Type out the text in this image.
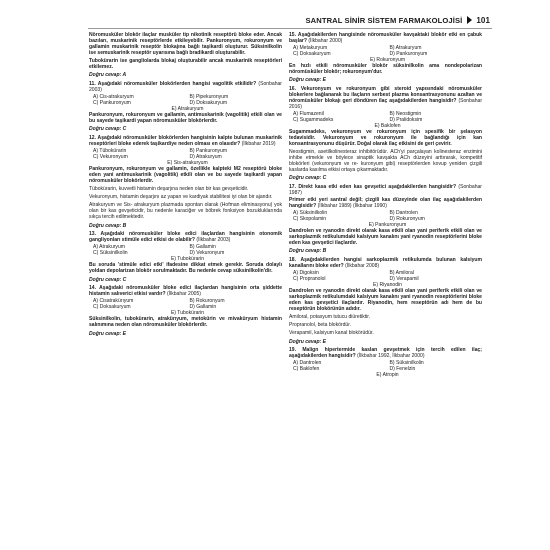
SANTRAL SİNİR SİSTEM FARMAKOLOJİSİ 101

Nöromusküler blokör ilaçlar musküler tip nikotinik reseptörü bloke eder. Ancak bazıları, muskarinik reseptörlerde etkileyebilir. Pankuronyum, rokuronyum ve gallamin muskarinik reseptör blokajına bağlı taşikardi oluşturur. Süksinilkolin ise semuskarinik reseptör uyarısına bağlı bradikardi oluşturabilir.

Tubokürarin ise gangliolarda blokaj oluşturabilir ancak muskarinik reseptörleri etkilemez.

Doğru cevap: A

11. Aşağıdaki nöromusküler blokörlerden hangisi vagolitik etkilidir? (Sonbahar 2003)

A) Cis-atrakuryum	B) Pipekuronyum
C) Pankuronyum	D) Doksakuryum
E) Atrakuryum

Pankuronyum, rokuronyum ve gallamin, antimuskarinik (vagolitik) etkili olan ve bu sayede taşikardi yapan nöromusküler blokörlerdir.

Doğru cevap: C

12. Aşağıdaki nöromusküler blokörlerden hangisinin kalpte bulunan muskarinik reseptörleri bloke ederek taşikardiye neden olması en olasıdır? (İlkbahar 2019)

A) Tübokürarin	B) Pankuronyum
C) Vekuronyum	D) Atrakuryum
E) Sis-atrakuryum

Pankuronyum, rokuronyum ve gallamin, özellikle kalpteki M2 reseptörü bloke eden yani antimuskarinik (vagolitik) etkili olan ve bu sayede taşikardi yapan nöromusküler blokörlerdir.

Tübokürarin, kuvvetli histamin deşarjına neden olan bir kas gevşeticidir.

Vekuronyum, histamin deşarjını az yapan ve kardiyak stabilitesi iyi olan bir ajandır.

Atrakuryum ve Sis- atrakuryum plazmada spontan olarak (Hofman eliminasyonu) yok olan bir kas gevşeticidir, bu nedenle karaciğer ve böbrek fonksiyon bozukluklarında sıkça tercih edilmektedir.

Doğru cevap: B

13. Aşağıdaki nöromusküler bloke edici ilaçlardan hangisinin otonomik gangliyonları stimüle edici etkisi de olabilir? (İlkbahar 2003)

A) Atrakuryum	B) Gallamin
C) Süksinilkolin	D) Vekuronyum
E) Tubokürarin

Bu soruda 'stimüle edici etki' ifadesine dikkat etmek gerekir. Soruda dolaylı yoldan depolarizan blokör sorulmaktadır. Bu nedenle cevap süksinilkolin'dir.

Doğru cevap: C

14. Aşağıdaki nöromusküler bloke edici ilaçlardan hangisinin orta şiddette histamin salıverici etkisi vardır? (İlkbahar 2005)

A) Cisatrakürıyum	B) Rokuronyum
C) Doksakuryum	D) Gallamin
E) Tubokürarin

Süksinilkolin, tubokürarin, atrakürıyum, metokürin ve mivaküryum histamin salınımına neden olan nöromusküler blokörlerdir.

Doğru cevap: E

15. Aşağıdakilerden hangisinde nöromusküler kavşaktaki blokör etki en çabuk başlar? (İlkbahar 2000)

A) Metakuryum	B) Atrakuryum
C) Doksakuryum	D) Pankuronyum
E) Rokuronyum

En hızlı etkili nöromusküler blokör süksinilkolin ama nondepolarizan nöromüsküler blokör; rokuronyum'dur.

Doğru cevap: E

16. Vekuronyum ve rokuronyum gibi steroid yapısındaki nöromusküler blokerlere bağlanarak bu ilaçların serbest plazma konsantrasyonunu azaltan ve nöromüsküler blokajı geri döndüren ilaç aşağıdakilerden hangisidir? (Sonbahar 2016)

A) Flumazenil	B) Neostigmin
C) Sugammadeks	D) Pralidoksim
E) Baklofen

Sugammadeks, vekuronyum ve rokuronyum için spesifik bir şelasyon tedavisidir. Vekuronyum ve rokuronyum ile bağlandığı için kan konsantrasyonunu düşürür. Doğal olarak ilaç etkisini de geri çevirir.

Neostigmin, asetilkolinesteraz inhibitörüdür. ACh'yi parçalayan kolinesteraz enzimini inhibe etmekle ve böylece sinaptik kavşakta ACh düzeyini arttırarak, kompetitif blokörleri (vekuronyum ve re- kuronyum gibi) reseptörlerden kovup yeniden çizgili kaslarda kasılma etkisi ortaya çıkarmaktadır.

Doğru cevap: C

17. Direkt kasa etki eden kas gevşetici aşağıdakilerden hangisidir? (Sonbahar 1987)

Primer etki yeri santral değil; çizgili kas düzeyinde olan ilaç aşağıdakilerden hangisidir? (İlkbahar 1989) (İlkbahar 1990)

A) Süksinilkolin	B) Dantrolen
C) Skopolamin	D) Rokuronyum
E) Pankuronyum

Dandrolen ve ryanodin direkt olarak kasa etkili olan yani periferik etkili olan ve sarkoplazmik retikulumdaki kalsiyum kanalını yani ryanodin reseptörlerini bloke eden kas gevşetici ilaçlardır.

Doğru cevap: B

18. Aşağıdakilerden hangisi sarkoplazmik retikulumda bulunan kalsiyum kanallarını bloke eder? (İlkbahar 2008)

A) Digoksin	B) Amiloral
C) Propranolol	D) Verapamil
E) Riyanodin

Dandrolen ve ryanodin direkt olarak kasa etkili olan yani periferik etkili olan ve sarkoplazmik retikulumdaki kalsiyum kanalını yani ryanodin reseptörlerini bloke eden kas gevşetici ilaçlardır. Riyanodin, hem reseptörün adı hem de bu reseptörün blokörünün adıdır.

Amiloral, potasyum tutucu diüretiktir.

Propranolol, beta blokördür.

Verapamil, kalsiyum kanal blokörüdür.

Doğru cevap: E

19. Malign hipertermide kaslan gevşetmek için tercih edilen ilaç; aşağıdakilerden hangisidir? (İlkbahar 1992, İlkbahar 2000)

A) Dantrolen	B) Süksinilkolin
C) Baklofen	D) Fenelzin
E) Atropin
